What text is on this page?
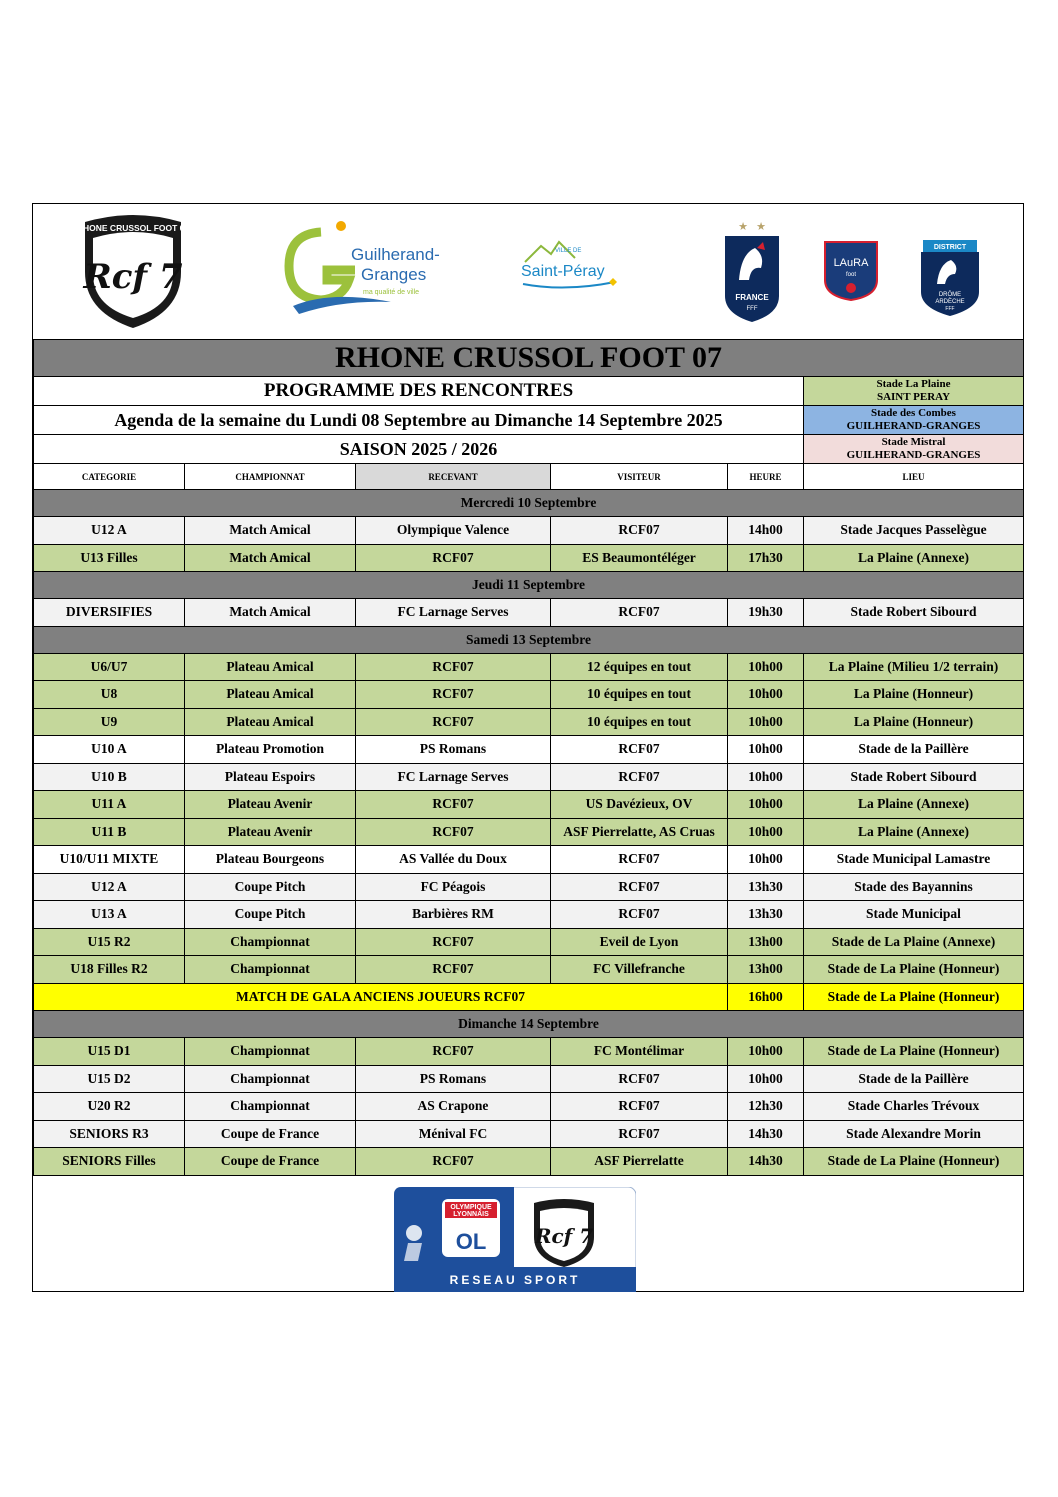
RHONE CRUSSOL FOOT 07
Rcf 7
Guilherand-
Granges
ma qualité de ville
VILLE DE
Saint-Péray
★ ★
FRANCE
FFF
LAuRA
foot
DISTRICT
DRÔME
ARDÈCHE
FFF
RHONE CRUSSOL FOOT 07					
PROGRAMME DES RENCONTRES					Stade La Plaine
SAINT PERAY

Agenda de la semaine du Lundi 08 Septembre au Dimanche 14 Septembre 2025					Stade des Combes
GUILHERAND-GRANGES

SAISON 2025 / 2026					Stade Mistral
GUILHERAND-GRANGES

CATEGORIE	CHAMPIONNAT	RECEVANT	VISITEUR	HEURE	LIEU
Mercredi 10 Septembre					
U12 A	Match Amical	Olympique Valence	RCF07	14h00	Stade Jacques Passelègue
U13 Filles	Match Amical	RCF07	ES Beaumontéléger	17h30	La Plaine (Annexe)
Jeudi 11 Septembre					
DIVERSIFIES	Match Amical	FC Larnage Serves	RCF07	19h30	Stade Robert Sibourd
Samedi 13 Septembre					
U6/U7	Plateau Amical	RCF07	12 équipes en tout	10h00	La Plaine (Milieu 1/2 terrain)
U8	Plateau Amical	RCF07	10 équipes en tout	10h00	La Plaine (Honneur)
U9	Plateau Amical	RCF07	10 équipes en tout	10h00	La Plaine (Honneur)
U10 A	Plateau Promotion	PS Romans	RCF07	10h00	Stade de la Paillère
U10 B	Plateau Espoirs	FC Larnage Serves	RCF07	10h00	Stade Robert Sibourd
U11 A	Plateau Avenir	RCF07	US Davézieux, OV	10h00	La Plaine (Annexe)
U11 B	Plateau Avenir	RCF07	ASF Pierrelatte, AS Cruas	10h00	La Plaine (Annexe)
U10/U11 MIXTE	Plateau Bourgeons	AS Vallée du Doux	RCF07	10h00	Stade Municipal Lamastre
U12 A	Coupe Pitch	FC Péagois	RCF07	13h30	Stade des Bayannins
U13 A	Coupe Pitch	Barbières RM	RCF07	13h30	Stade Municipal
U15 R2	Championnat	RCF07	Eveil de Lyon	13h00	Stade de La Plaine (Annexe)
U18 Filles R2	Championnat	RCF07	FC Villefranche	13h00	Stade de La Plaine (Honneur)
MATCH DE GALA ANCIENS JOUEURS RCF07				16h00	Stade de La Plaine (Honneur)
Dimanche 14 Septembre					
U15 D1	Championnat	RCF07	FC Montélimar	10h00	Stade de La Plaine (Honneur)
U15 D2	Championnat	PS Romans	RCF07	10h00	Stade de la Paillère
U20 R2	Championnat	AS Crapone	RCF07	12h30	Stade Charles Trévoux
SENIORS R3	Coupe de France	Ménival FC	RCF07	14h30	Stade Alexandre Morin
SENIORS Filles	Coupe de France	RCF07	ASF Pierrelatte	14h30	Stade de La Plaine (Honneur)
OLYMPIQUE
LYONNAIS
OL Rcf 7
RESEAU SPORT
